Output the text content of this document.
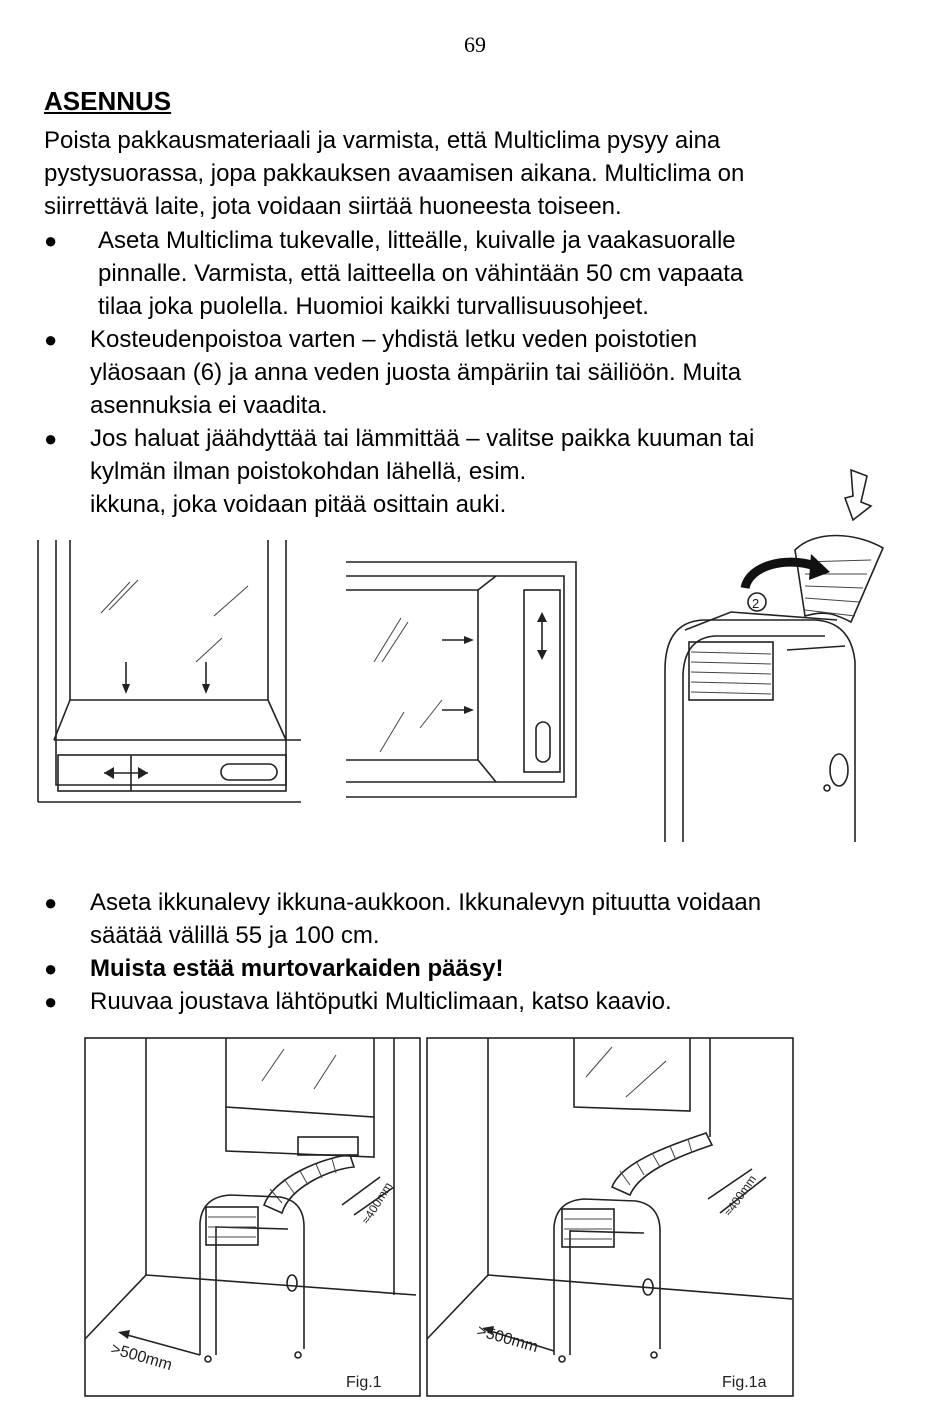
69
ASENNUS
Poista pakkausmateriaali ja varmista, että Multiclima pysyy aina
pystysuorassa, jopa pakkauksen avaamisen aikana. Multiclima on
siirrettävä laite, jota voidaan siirtää huoneesta toiseen.
● Aseta Multiclima tukevalle, litteälle, kuivalle ja vaakasuoralle
pinnalle. Varmista, että laitteella on vähintään 50 cm vapaata
tilaa joka puolella. Huomioi kaikki turvallisuusohjeet.
● Kosteudenpoistoa varten – yhdistä letku veden poistotien
yläosaan (6) ja anna veden juosta ämpäriin tai säiliöön. Muita
asennuksia ei vaadita.
● Jos haluat jäähdyttää tai lämmittää – valitse paikka kuuman tai
kylmän ilman poistokohdan lähellä, esim.
ikkuna, joka voidaan pitää osittain auki.
2
● Aseta ikkunalevy ikkuna-aukkoon. Ikkunalevyn pituutta voidaan
säätää välillä 55 ja 100 cm.
● Muista estää murtovarkaiden pääsy!
● Ruuvaa joustava lähtöputki Multiclimaan, katso kaavio.
≈400mm
>500mm
Fig.1
≈400mm
>500mm
Fig.1a
